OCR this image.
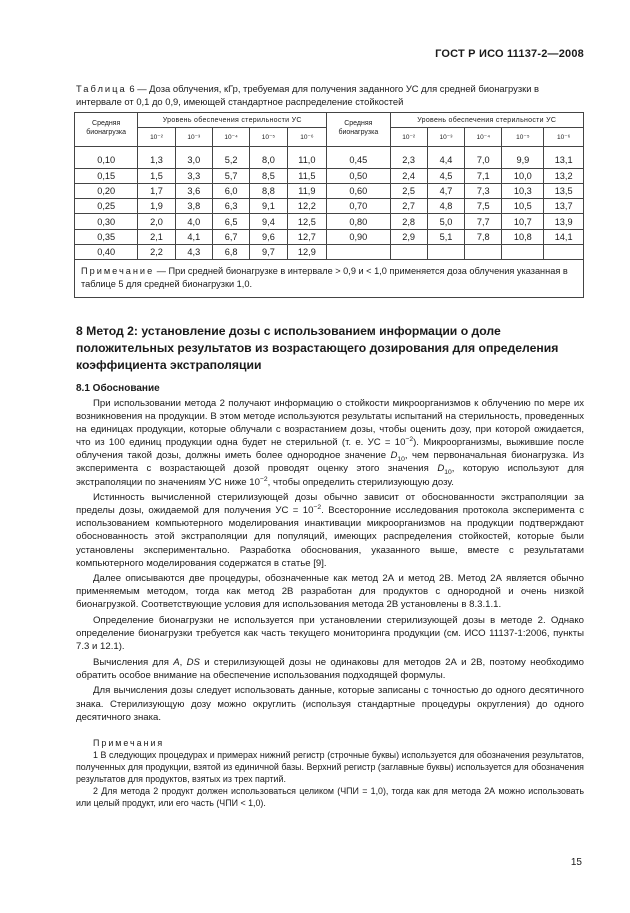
ГОСТ Р ИСО 11137-2—2008
Таблица 6 — Доза облучения, кГр, требуемая для получения заданного УС для средней бионагрузки в интервале от 0,1 до 0,9, имеющей стандартное распределение стойкостей
Средняя бионагрузка	Уровень обеспечения стерильности УС					Средняя бионагрузка	Уровень обеспечения стерильности УС				
	10⁻²	10⁻³	10⁻⁴	10⁻⁵	10⁻⁶		10⁻²	10⁻³	10⁻⁴	10⁻⁵	10⁻⁶
0,10	1,3	3,0	5,2	8,0	11,0	0,45	2,3	4,4	7,0	9,9	13,1
0,15	1,5	3,3	5,7	8,5	11,5	0,50	2,4	4,5	7,1	10,0	13,2
0,20	1,7	3,6	6,0	8,8	11,9	0,60	2,5	4,7	7,3	10,3	13,5
0,25	1,9	3,8	6,3	9,1	12,2	0,70	2,7	4,8	7,5	10,5	13,7
0,30	2,0	4,0	6,5	9,4	12,5	0,80	2,8	5,0	7,7	10,7	13,9
0,35	2,1	4,1	6,7	9,6	12,7	0,90	2,9	5,1	7,8	10,8	14,1
0,40	2,2	4,3	6,8	9,7	12,9						
Примечание — При средней бионагрузке в интервале > 0,9 и < 1,0 применяется доза облучения указанная в таблице 5 для средней бионагрузки 1,0.											
8 Метод 2: установление дозы с использованием информации о доле положительных результатов из возрастающего дозирования для определения коэффициента экстраполяции
8.1 Обоснование

При использовании метода 2 получают информацию о стойкости микроорганизмов к облучению по мере их возникновения на продукции. В этом методе используются результаты испытаний на стерильность, проведенных на единицах продукции, которые облучали с возрастанием дозы, чтобы оценить дозу, при которой ожидается, что из 100 единиц продукции одна будет не стерильной (т. е. УС = $10^{-2}$). Микроорганизмы, выжившие после облучения такой дозы, должны иметь более однородное значение $D_{10}$, чем первоначальная бионагрузка. Из эксперимента с возрастающей дозой проводят оценку этого значения $D_{10}$, которую используют для экстраполяции по значениям УС ниже $10^{-2}$, чтобы определить стерилизующую дозу.

Истинность вычисленной стерилизующей дозы обычно зависит от обоснованности экстраполяции за пределы дозы, ожидаемой для получения УС = $10^{-2}$. Всесторонние исследования протокола эксперимента с использованием компьютерного моделирования инактивации микроорганизмов на продукции подтверждают обоснованность этой экстраполяции для популяций, имеющих распределения стойкостей, которые были установлены экспериментально. Разработка обоснования, указанного выше, вместе с результатами компьютерного моделирования содержатся в статье [9].

Далее описываются две процедуры, обозначенные как метод 2А и метод 2В. Метод 2А является обычно применяемым методом, тогда как метод 2В разработан для продуктов с однородной и очень низкой бионагрузкой. Соответствующие условия для использования метода 2В установлены в 8.3.1.1.

Определение бионагрузки не используется при установлении стерилизующей дозы в методе 2. Однако определение бионагрузки требуется как часть текущего мониторинга продукции (см. ИСО 11137-1:2006, пункты 7.3 и 12.1).

Вычисления для A, DS и стерилизующей дозы не одинаковы для методов 2А и 2В, поэтому необходимо обратить особое внимание на обеспечение использования подходящей формулы.

Для вычисления дозы следует использовать данные, которые записаны с точностью до одного десятичного знака. Стерилизующую дозу можно округлить (используя стандартные процедуры округления) до одного десятичного знака.

Примечания

1 В следующих процедурах и примерах нижний регистр (строчные буквы) используется для обозначения результатов, полученных для продукции, взятой из единичной базы. Верхний регистр (заглавные буквы) используется для обозначения результатов для продуктов, взятых из трех партий.

2 Для метода 2 продукт должен использоваться целиком (ЧПИ = 1,0), тогда как для метода 2А можно использовать или целый продукт, или его часть (ЧПИ < 1,0).

15
